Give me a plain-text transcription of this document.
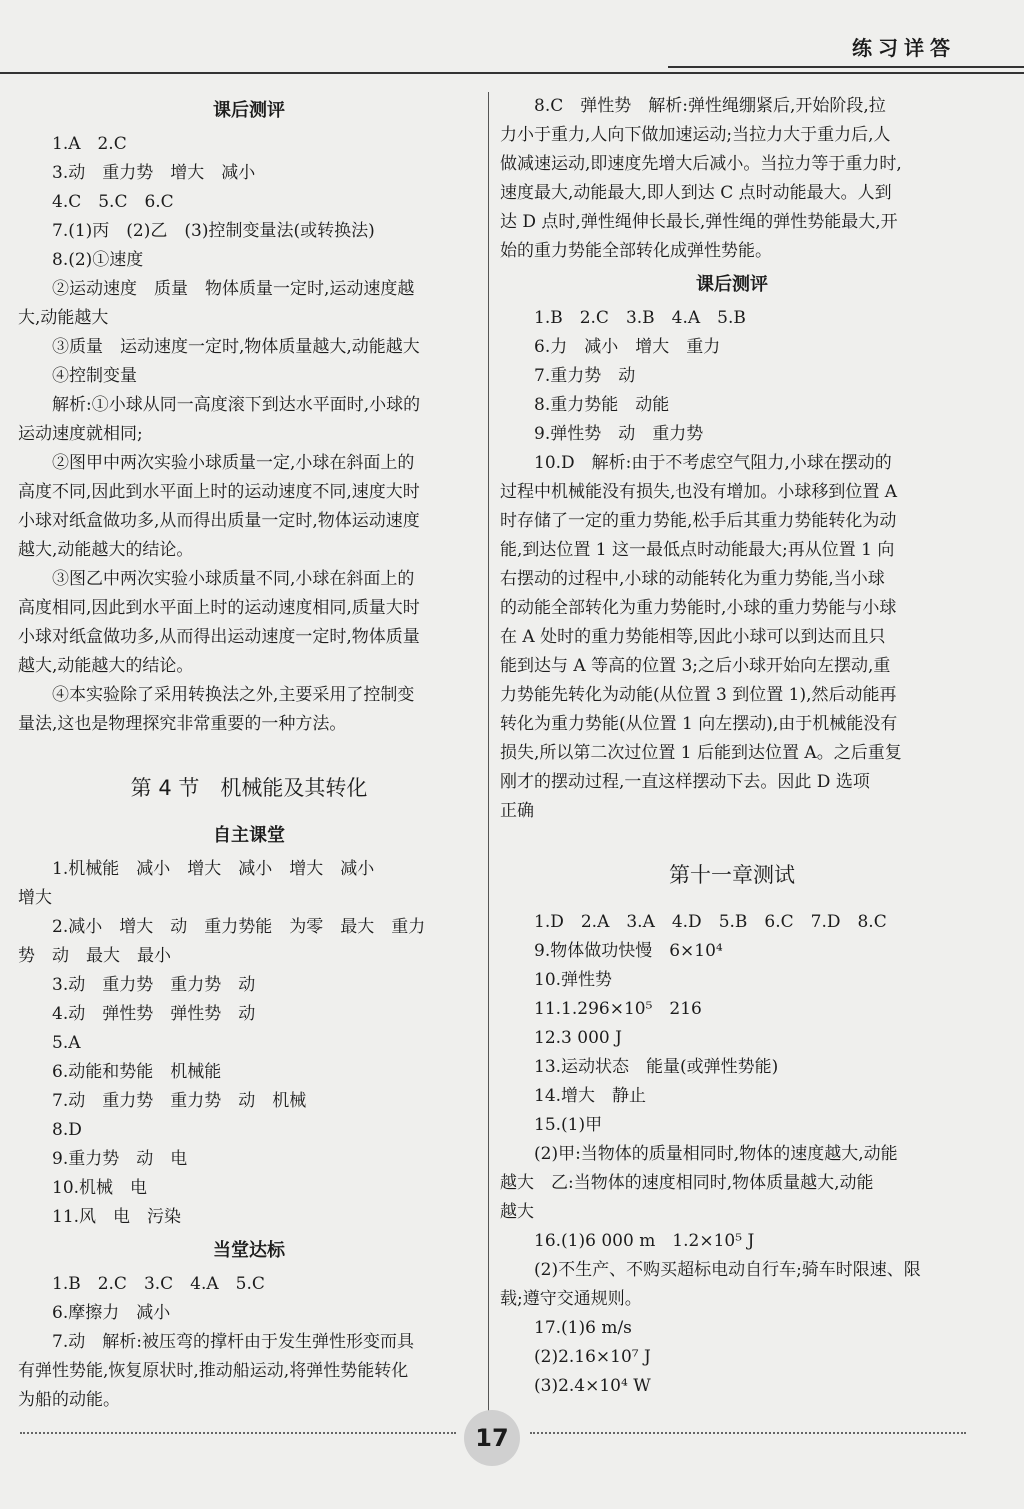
练习详答
课后测评
1.A　2.C
3.动　重力势　增大　减小
4.C　5.C　6.C
7.(1)丙　(2)乙　(3)控制变量法(或转换法)
8.(2)①速度
②运动速度　质量　物体质量一定时,运动速度越
大,动能越大
③质量　运动速度一定时,物体质量越大,动能越大
④控制变量
解析:①小球从同一高度滚下到达水平面时,小球的
运动速度就相同;
②图甲中两次实验小球质量一定,小球在斜面上的
高度不同,因此到水平面上时的运动速度不同,速度大时
小球对纸盒做功多,从而得出质量一定时,物体运动速度
越大,动能越大的结论。
③图乙中两次实验小球质量不同,小球在斜面上的
高度相同,因此到水平面上时的运动速度相同,质量大时
小球对纸盒做功多,从而得出运动速度一定时,物体质量
越大,动能越大的结论。
④本实验除了采用转换法之外,主要采用了控制变
量法,这也是物理探究非常重要的一种方法。
第 4 节　机械能及其转化
自主课堂
1.机械能　减小　增大　减小　增大　减小
增大
2.减小　增大　动　重力势能　为零　最大　重力
势　动　最大　最小
3.动　重力势　重力势　动
4.动　弹性势　弹性势　动
5.A
6.动能和势能　机械能
7.动　重力势　重力势　动　机械
8.D
9.重力势　动　电
10.机械　电
11.风　电　污染
当堂达标
1.B　2.C　3.C　4.A　5.C
6.摩擦力　减小
7.动　解析:被压弯的撑杆由于发生弹性形变而具
有弹性势能,恢复原状时,推动船运动,将弹性势能转化
为船的动能。
8.C　弹性势　解析:弹性绳绷紧后,开始阶段,拉
力小于重力,人向下做加速运动;当拉力大于重力后,人
做减速运动,即速度先增大后减小。当拉力等于重力时,
速度最大,动能最大,即人到达 C 点时动能最大。人到
达 D 点时,弹性绳伸长最长,弹性绳的弹性势能最大,开
始的重力势能全部转化成弹性势能。
课后测评
1.B　2.C　3.B　4.A　5.B
6.力　减小　增大　重力
7.重力势　动
8.重力势能　动能
9.弹性势　动　重力势
10.D　解析:由于不考虑空气阻力,小球在摆动的
过程中机械能没有损失,也没有增加。小球移到位置 A
时存储了一定的重力势能,松手后其重力势能转化为动
能,到达位置 1 这一最低点时动能最大;再从位置 1 向
右摆动的过程中,小球的动能转化为重力势能,当小球
的动能全部转化为重力势能时,小球的重力势能与小球
在 A 处时的重力势能相等,因此小球可以到达而且只
能到达与 A 等高的位置 3;之后小球开始向左摆动,重
力势能先转化为动能(从位置 3 到位置 1),然后动能再
转化为重力势能(从位置 1 向左摆动),由于机械能没有
损失,所以第二次过位置 1 后能到达位置 A。之后重复
刚才的摆动过程,一直这样摆动下去。因此 D 选项
正确
第十一章测试
1.D　2.A　3.A　4.D　5.B　6.C　7.D　8.C
9.物体做功快慢　6×10⁴
10.弹性势
11.1.296×10⁵　216
12.3 000 J
13.运动状态　能量(或弹性势能)
14.增大　静止
15.(1)甲
(2)甲:当物体的质量相同时,物体的速度越大,动能
越大　乙:当物体的速度相同时,物体质量越大,动能
越大
16.(1)6 000 m　1.2×10⁵ J
(2)不生产、不购买超标电动自行车;骑车时限速、限
载;遵守交通规则。
17.(1)6 m/s
(2)2.16×10⁷ J
(3)2.4×10⁴ W
17
